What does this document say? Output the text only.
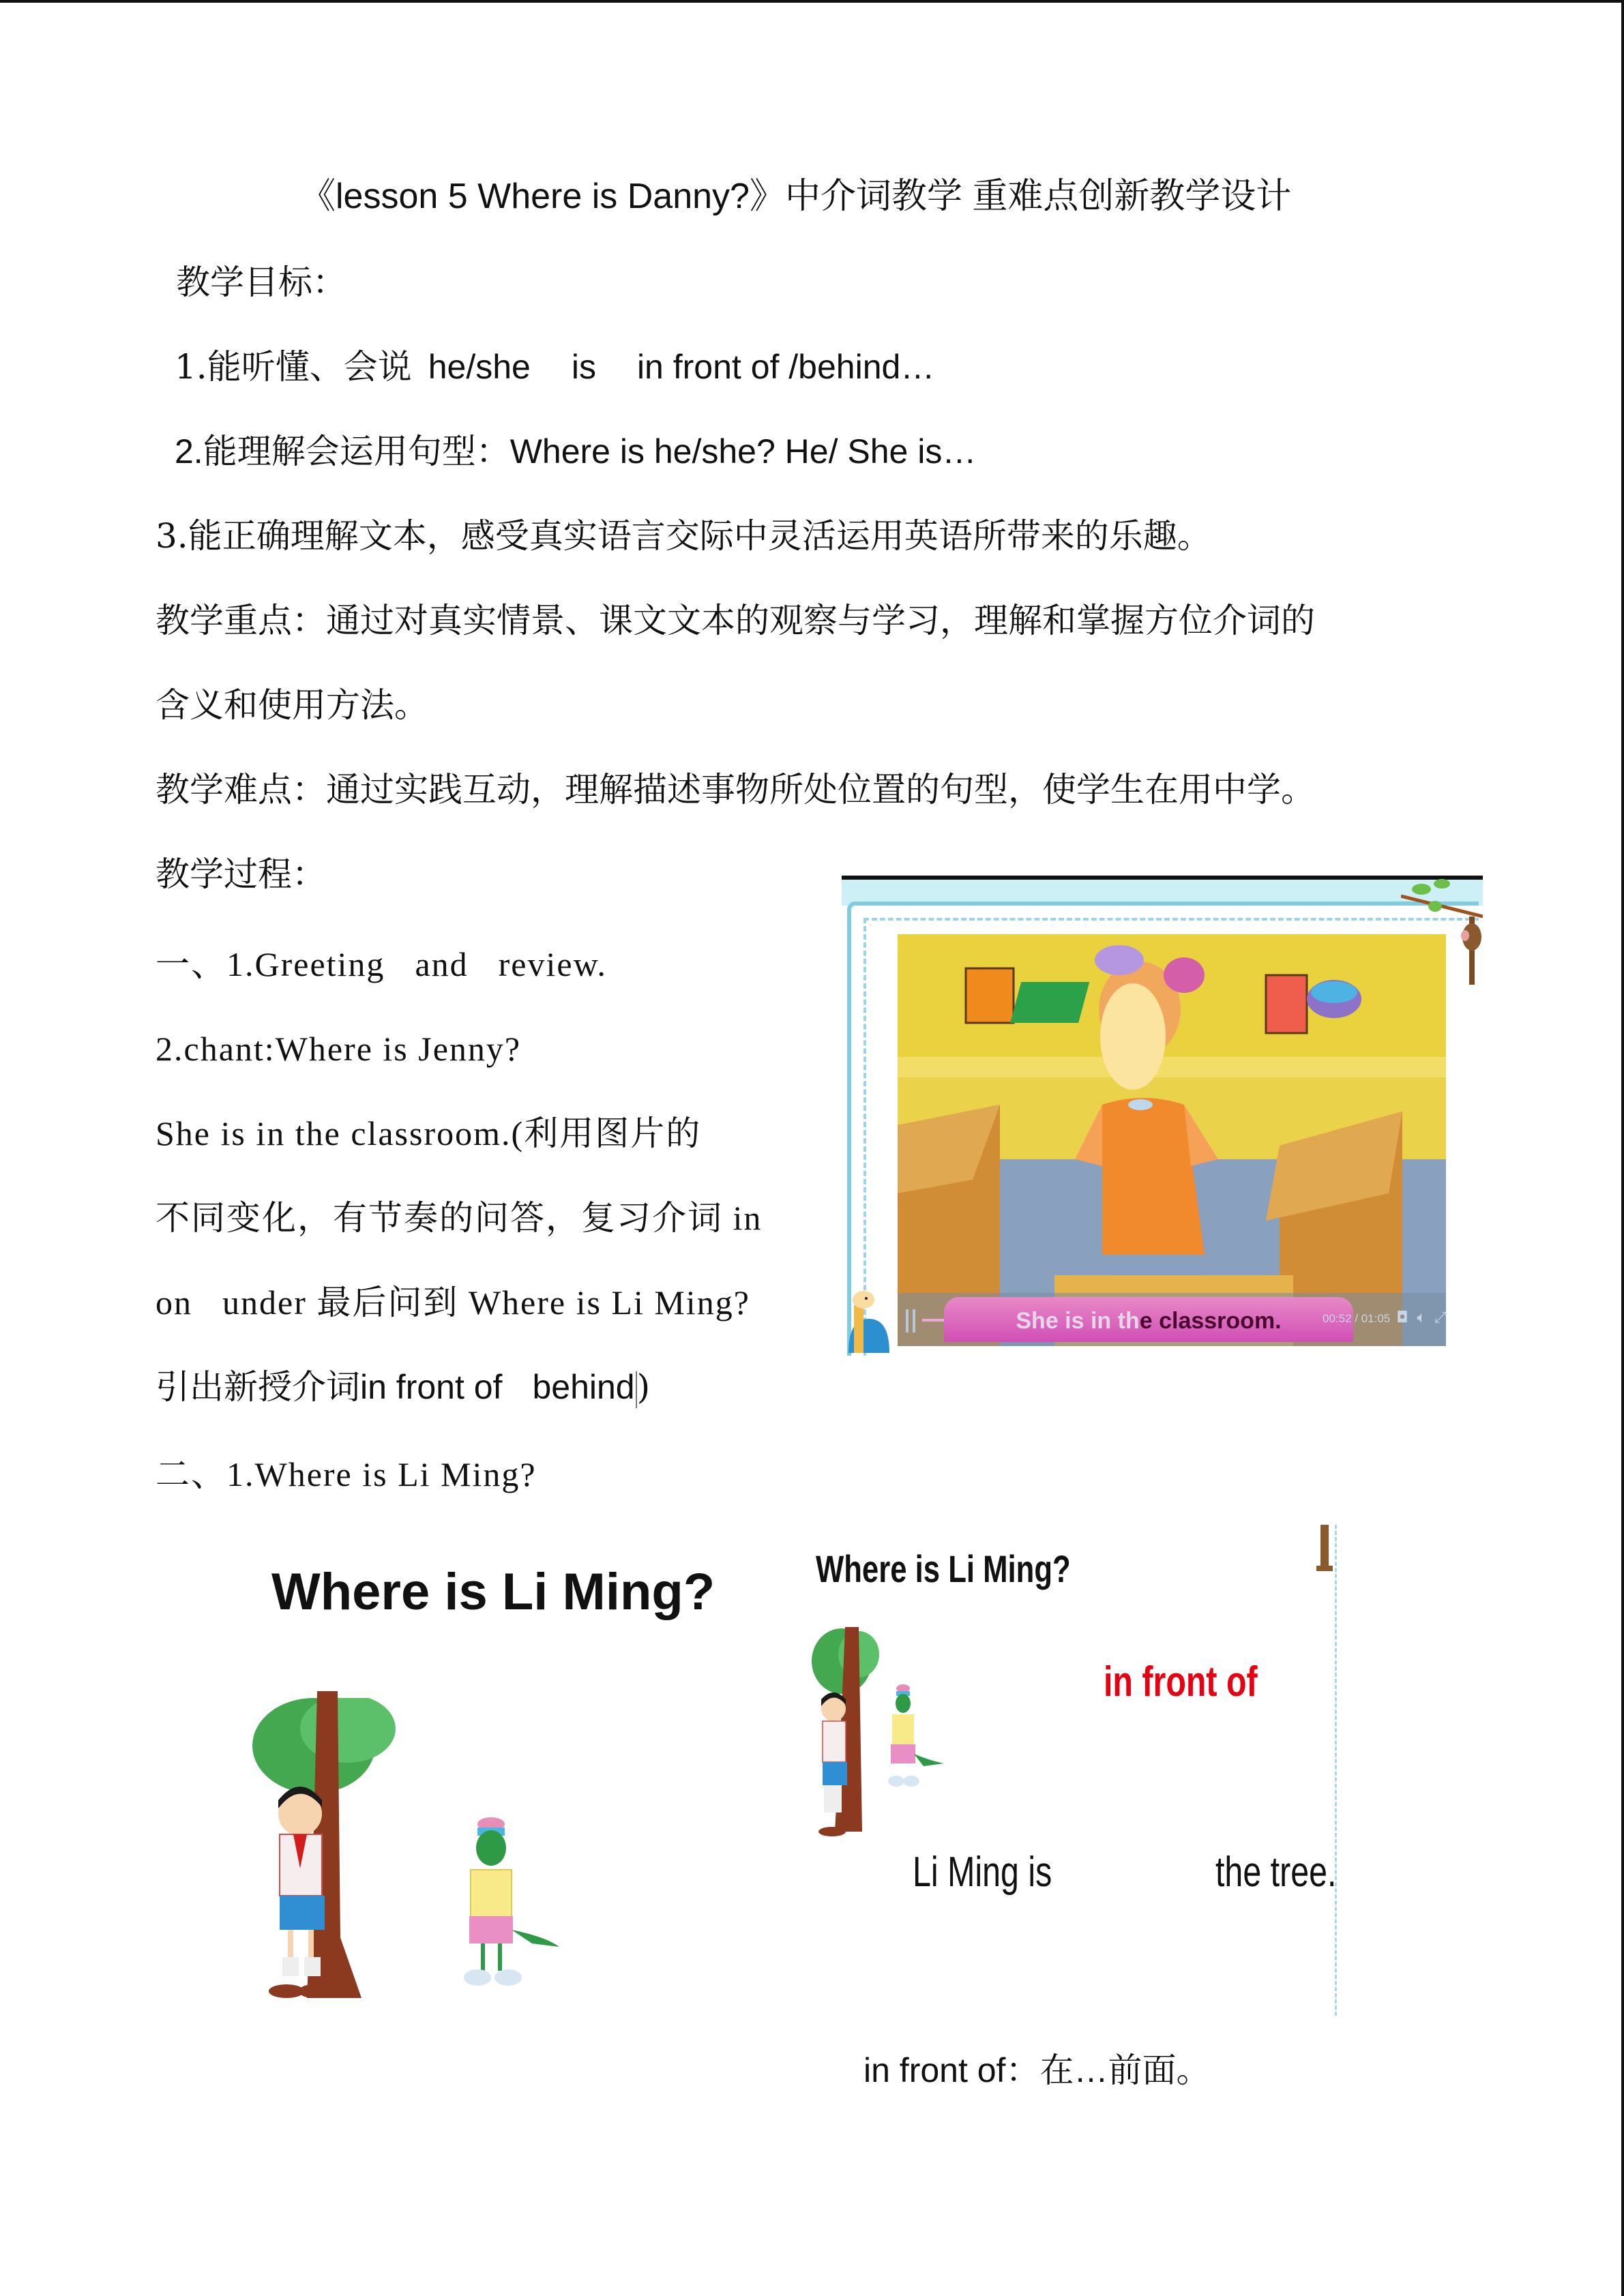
《lesson 5 Where is Danny?》中介词教学 重难点创新教学设计
教学目标：
1.能听懂、会说 he/she is in front of /behind…
2.能理解会运用句型：Where is he/she? He/ She is…
3.能正确理解文本，感受真实语言交际中灵活运用英语所带来的乐趣。
教学重点：通过对真实情景、课文文本的观察与学习，理解和掌握方位介词的
含义和使用方法。
教学难点：通过实践互动，理解描述事物所处位置的句型，使学生在用中学。
教学过程：
一、1.Greeting and review.
2.chant:Where is Jenny?
She is in the classroom.(利用图片的
不同变化，有节奏的问答，复习介词 in
on under 最后问到 Where is Li Ming?
引出新授介词in front of behind)
二、1.Where is Li Ming?
She is in the classroom.	00:52 / 01:05 ◘ 🔈︎ ⤢
Where is Li Ming?	Where is Li Ming?
in front of
Li Ming is	the tree.
in front of：在…前面。
